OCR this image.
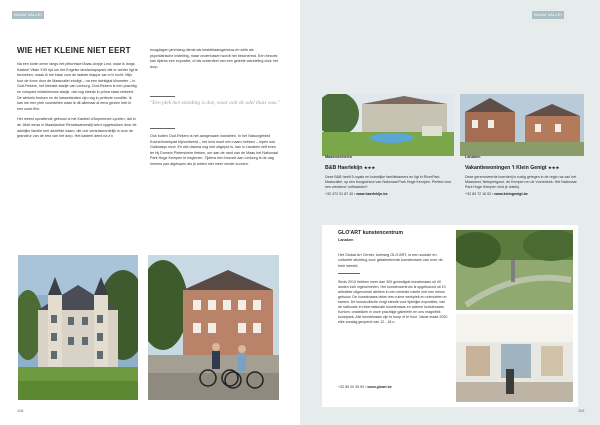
NAAM VALLEI
WIE HET KLEINE NIET EERT

Na een korte oever langs het pittoreske Maas-dorpje Leut, waar ik langs Kasteel Vilain XIIII rijd om het Engelse landschapspark dat er achter ligt te bezoeken, maak ik me klaar voor de laatste etappe van m'n tocht. Mijn tour de force door de Maasvallei eindigt – na een twintigtal kilometer – in Oud-Rekem, het kleinste stadje van Limburg. Oud-Rekem is een prachtig en compact middeleeuws stadje, dat nog steeds in prima staat verkeert. De winkels bruisen en de kasseistraten zijn nog in perfecte conditie. Ik kan me een plek voorstellen waar ik dit allemaal al eens gezien heb in een oude film.

Het meest opvallende gebouw is het Kasteel d'Aspremont-Lynden, dat in de 16de eeuw in Maaslandse Renaissancestijl werd opgetrokken door de adellijke familie met dezelfde naam, die ook verantwoordelijk is voor de grandeur van de rest van het dorp. Het kasteel deed na z'n

hoogdagen jarenlang dienst als bestelbaarsgebouw en zelfs als psychiatrische instelling, maar ondertussen wordt het beschermd. Een bezoek kan tijdens een expositie, of als onderdeel van een geleide wandeling door het dorp.
"Een plek met standing is doe, waar ooit de adel thuis was."
Ook buiten Oud-Rekem is het aangenaam wandelen. In het Natuurgebied Kocherbroekpad bijvoorbeeld – het kind moet een naam hebben – lopen ook Galloways rond. En wie daarna nog niet uitgeput is, kan in Lanaken zelf even ter bij Domein Pietersheim fietsen, om aan de rand van de Maas het Nationaal Park Hoge Kempen te beginnen. Tijdens een bezoek aan Limburg is de dag immers pas afgelopen als je weten niet meer verder kunnen.
118
NAAM VALLEI
119
Maasmechelen
B&B Haerlekijn ★★★
Deze B&B heeft 5 royale en huiselijke familiekamers en ligt in RiverPark Maasvallei, op een boogscheut van Nationaal Park Hoge Kempen. Perfect voor een weekend 'onthaasten'!
+32 472 91 87 40 • www.haerlekijn.be
Lanaken
Vakantiewoningen 't Klein Genigt ★★★
Deze geremoveerde boerderij is rustig gelegen in de regio rus van het Maasland, Neteperigoue, de Kempen en de Voerstreek. Het Nationaal Park Hoge Kempen vind je vlakbij.
+32 89 72 16 52 • www.kleingenigt.be
GLO'ART kunstencentrum
Lanaken
Het Global Art Center, kortweg GLO'ART, is een sociale en culturele stichting voor getalenteerde kunstenaars van over de hele wereld.
Sinds 2013 hebben meer dan 300 gevestigde kunstenaars uit 40 landen zich ingeschreven. Het kunstencentrum is opgebouwd uit 10 artistieke uitgevoerde ateliers in een centrale ruimte met een nieuw gebouw. De kunstenaars delen een ruime werkplek en ontmoeten er samen. De kunstcollectie zorgt steeds voor tijdelijke exposities, van de nationale en internationale kunstenaars en actieve kunstenaars. Kortom: ontdekken in onze prachtige galerieën en ons magnifiek kunstpark. Alle kunstenaars zijn te koop of te huur. Vanaf maart 2020 elke zondag geopend van 12 - 18 u.
+32 89 20 35 92 • www.gloart.be
